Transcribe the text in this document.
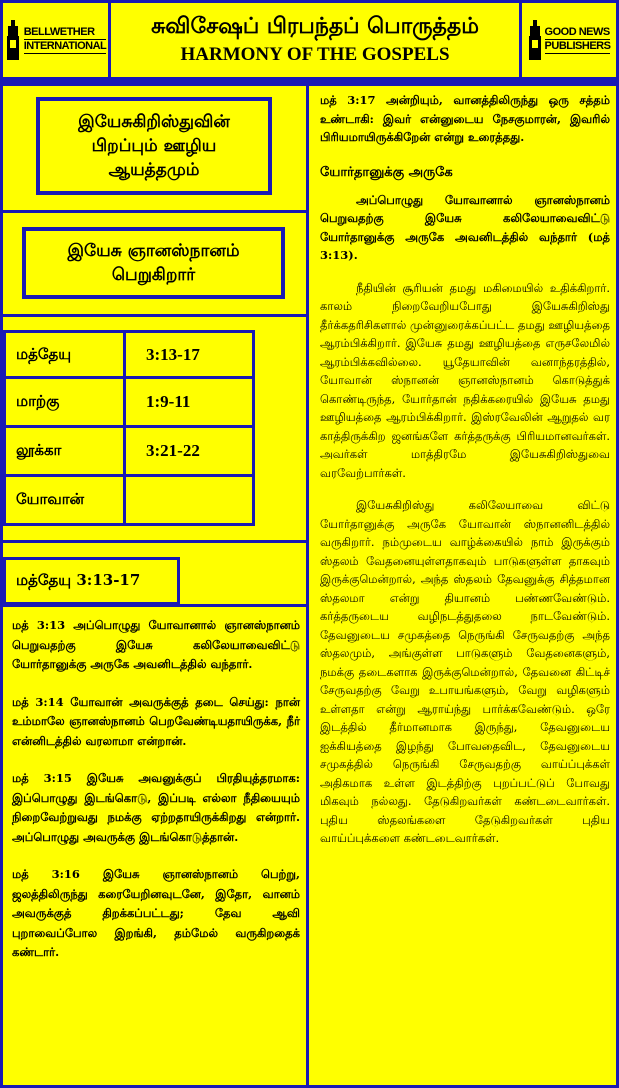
BELLWETHER
INTERNATIONAL
சுவிசேஷப் பிரபந்தப் பொருத்தம்
HARMONY OF THE GOSPELS
GOOD NEWS
PUBLISHERS
இயேசுகிறிஸ்துவின்
பிறப்பும் ஊழிய
ஆயத்தமும்
இயேசு ஞானஸ்நானம்
பெறுகிறார்
மத்தேயு	3:13-17
மாற்கு	1:9-11
லூக்கா	3:21-22
யோவான்
மத்தேயு 3:13-17

மத் 3:13 அப்பொழுது யோவானால் ஞானஸ்நானம் பெறுவதற்கு இயேசு கலிலேயாவைவிட்டு யோர்தானுக்கு அருகே அவனிடத்தில் வந்தார்.

மத் 3:14 யோவான் அவருக்குத் தடை செய்து: நான் உம்மாலே ஞானஸ்நானம் பெறவேண்டியதாயிருக்க, நீர் என்னிடத்தில் வரலாமா என்றான்.

மத் 3:15 இயேசு அவனுக்குப் பிரதியுத்தரமாக: இப்பொழுது இடங்கொடு, இப்படி எல்லா நீதியையும் நிறைவேற்றுவது நமக்கு ஏற்றதாயிருக்கிறது என்றார். அப்பொழுது அவருக்கு இடங்கொடுத்தான்.

மத் 3:16 இயேசு ஞானஸ்நானம் பெற்று, ஜலத்திலிருந்து கரையேறினவுடனே, இதோ, வானம் அவருக்குத் திறக்கப்பட்டது; தேவ ஆவி புறாவைப்போல இறங்கி, தம்மேல் வருகிறதைக் கண்டார்.

மத் 3:17 அன்றியும், வானத்திலிருந்து ஒரு சத்தம் உண்டாகி: இவர் என்னுடைய நேசகுமாரன், இவரில் பிரியமாயிருக்கிறேன் என்று உரைத்தது.

யோர்தானுக்கு அருகே

அப்பொழுது யோவானால் ஞானஸ்நானம் பெறுவதற்கு இயேசு கலிலேயாவைவிட்டு யோர்தானுக்கு அருகே அவனிடத்தில் வந்தார் (மத் 3:13).

நீதியின் சூரியன் தமது மகிமையில் உதிக்கிறார். காலம் நிறைவேறியபோது இயேசுகிறிஸ்து தீர்க்கதரிசிகளால் முன்னுரைக்கப்பட்ட தமது ஊழியத்தை ஆரம்பிக்கிறார். இயேசு தமது ஊழியத்தை எருசலேமில் ஆரம்பிக்கவில்லை. யூதேயாவின் வனாந்தரத்தில், யோவான் ஸ்நானன் ஞானஸ்நானம் கொடுத்துக் கொண்டிருந்த, யோர்தான் நதிக்கரையில் இயேசு தமது ஊழியத்தை ஆரம்பிக்கிறார். இஸ்ரவேலின் ஆறுதல் வர காத்திருக்கிற ஜனங்களே கர்த்தருக்கு பிரியமானவர்கள். அவர்கள் மாத்திரமே இயேசுகிறிஸ்துவை வரவேற்பார்கள்.

இயேசுகிறிஸ்து கலிலேயாவை விட்டு யோர்தானுக்கு அருகே யோவான் ஸ்நானனிடத்தில் வருகிறார். நம்முடைய வாழ்க்கையில் நாம் இருக்கும் ஸ்தலம் வேதனையுள்ளதாகவும் பாடுகளுள்ள தாகவும் இருக்குமென்றால், அந்த ஸ்தலம் தேவனுக்கு சித்தமான ஸ்தலமா என்று தியானம் பண்ணவேண்டும். கர்த்தருடைய வழிநடத்துதலை நாடவேண்டும். தேவனுடைய சமுகத்தை நெருங்கி சேருவதற்கு அந்த ஸ்தலமும், அங்குள்ள பாடுகளும் வேதனைகளும், நமக்கு தடைகளாக இருக்குமென்றால், தேவனை கிட்டிச் சேருவதற்கு வேறு உபாயங்களும், வேறு வழிகளும் உள்ளதா என்று ஆராய்ந்து பார்க்கவேண்டும். ஒரே இடத்தில் தீர்மானமாக இருந்து, தேவனுடைய ஐக்கியத்தை இழந்து போவதைவிட, தேவனுடைய சமுகத்தில் நெருங்கி சேருவதற்கு வாய்ப்புக்கள் அதிகமாக உள்ள இடத்திற்கு புறப்பட்டுப் போவது மிகவும் நல்லது. தேடுகிறவர்கள் கண்டடைவார்கள். புதிய ஸ்தலங்களை தேடுகிறவர்கள் புதிய வாய்ப்புக்களை கண்டடைவார்கள்.
